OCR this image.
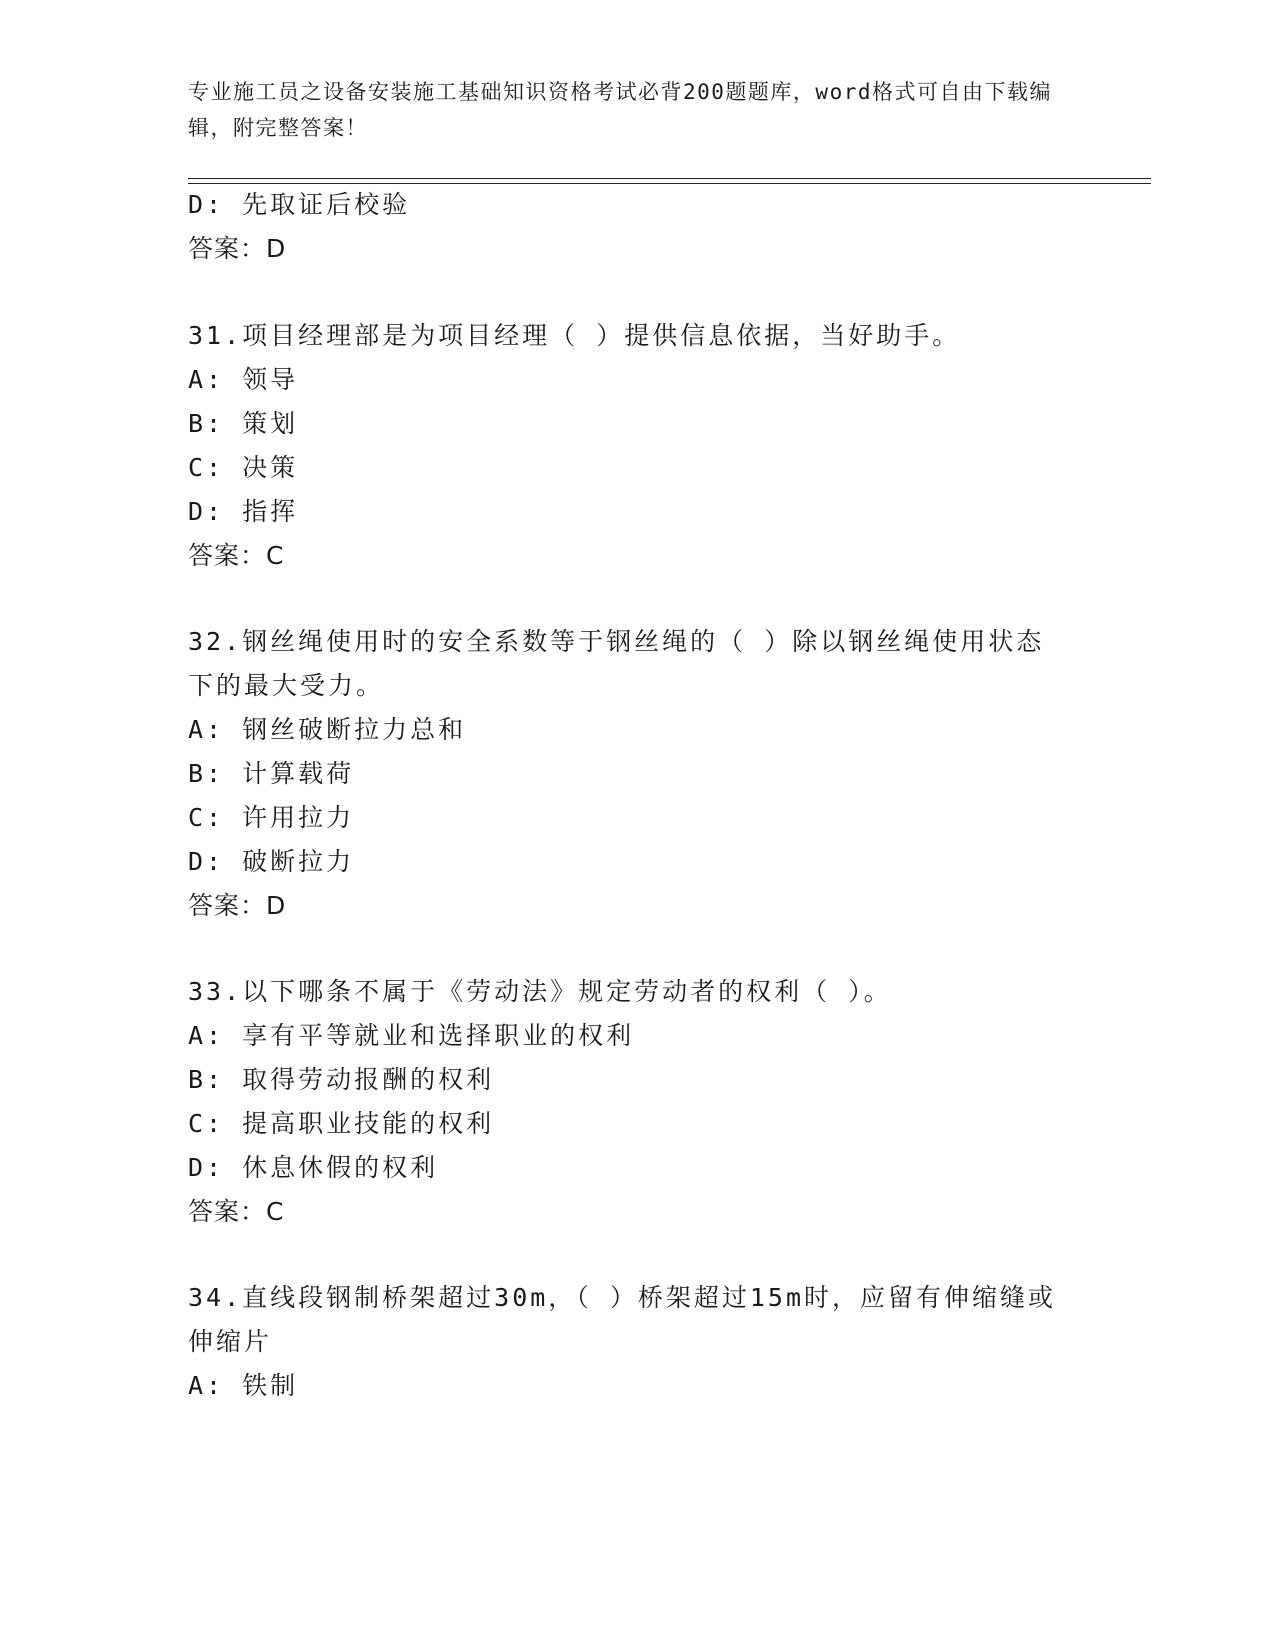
专业施工员之设备安装施工基础知识资格考试必背200题题库，word格式可自由下载编辑，附完整答案！
D: 先取证后校验
答案：D
31.项目经理部是为项目经理（ ）提供信息依据，当好助手。
A: 领导
B: 策划
C: 决策
D: 指挥
答案：C
32.钢丝绳使用时的安全系数等于钢丝绳的（ ）除以钢丝绳使用状态
下的最大受力。
A: 钢丝破断拉力总和
B: 计算载荷
C: 许用拉力
D: 破断拉力
答案：D
33.以下哪条不属于《劳动法》规定劳动者的权利（ ）。
A: 享有平等就业和选择职业的权利
B: 取得劳动报酬的权利
C: 提高职业技能的权利
D: 休息休假的权利
答案：C
34.直线段钢制桥架超过30m，（ ）桥架超过15m时，应留有伸缩缝或
伸缩片
A: 铁制
